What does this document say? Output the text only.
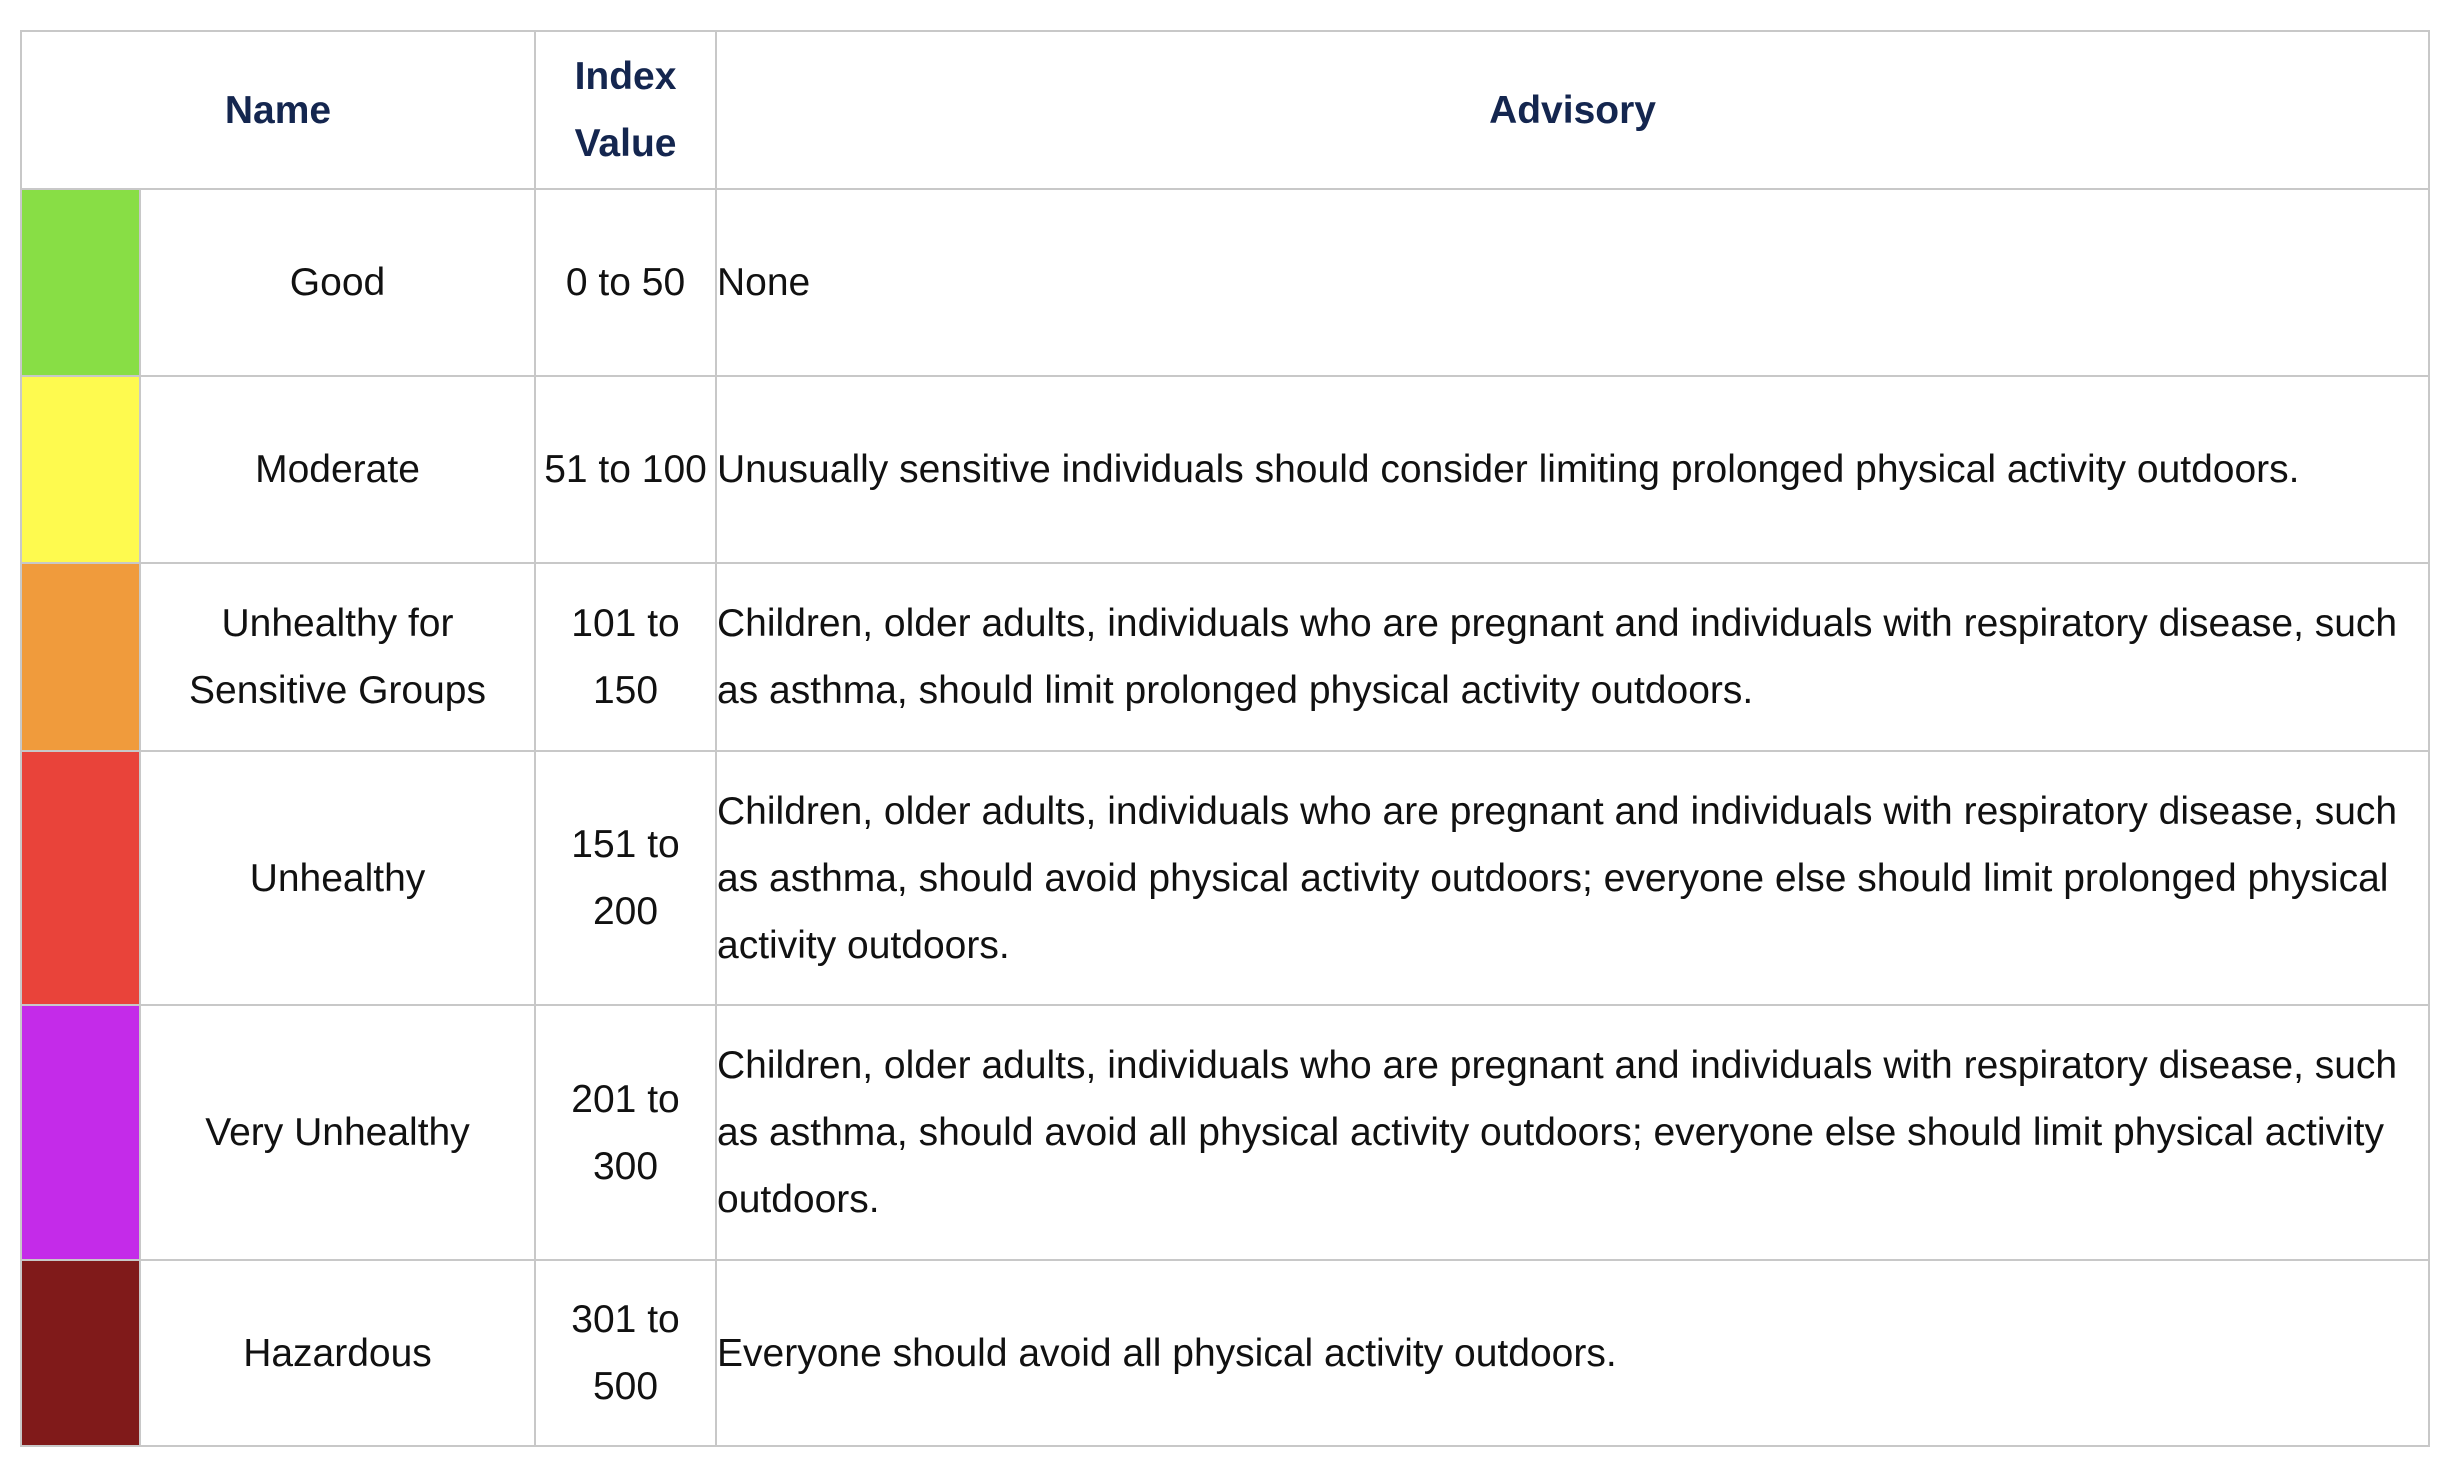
Name		Index Value	Advisory
	Good	0 to 50	None
	Moderate	51 to 100	Unusually sensitive individuals should consider limiting prolonged physical activity outdoors.
	Unhealthy for Sensitive Groups	101 to 150	Children, older adults, individuals who are pregnant and individuals with respiratory disease, such as asthma, should limit prolonged physical activity outdoors.
	Unhealthy	151 to 200	Children, older adults, individuals who are pregnant and individuals with respiratory disease, such as asthma, should avoid physical activity outdoors; everyone else should limit prolonged physical activity outdoors.
	Very Unhealthy	201 to 300	Children, older adults, individuals who are pregnant and individuals with respiratory disease, such as asthma, should avoid all physical activity outdoors; everyone else should limit physical activity outdoors.
	Hazardous	301 to 500	Everyone should avoid all physical activity outdoors.
